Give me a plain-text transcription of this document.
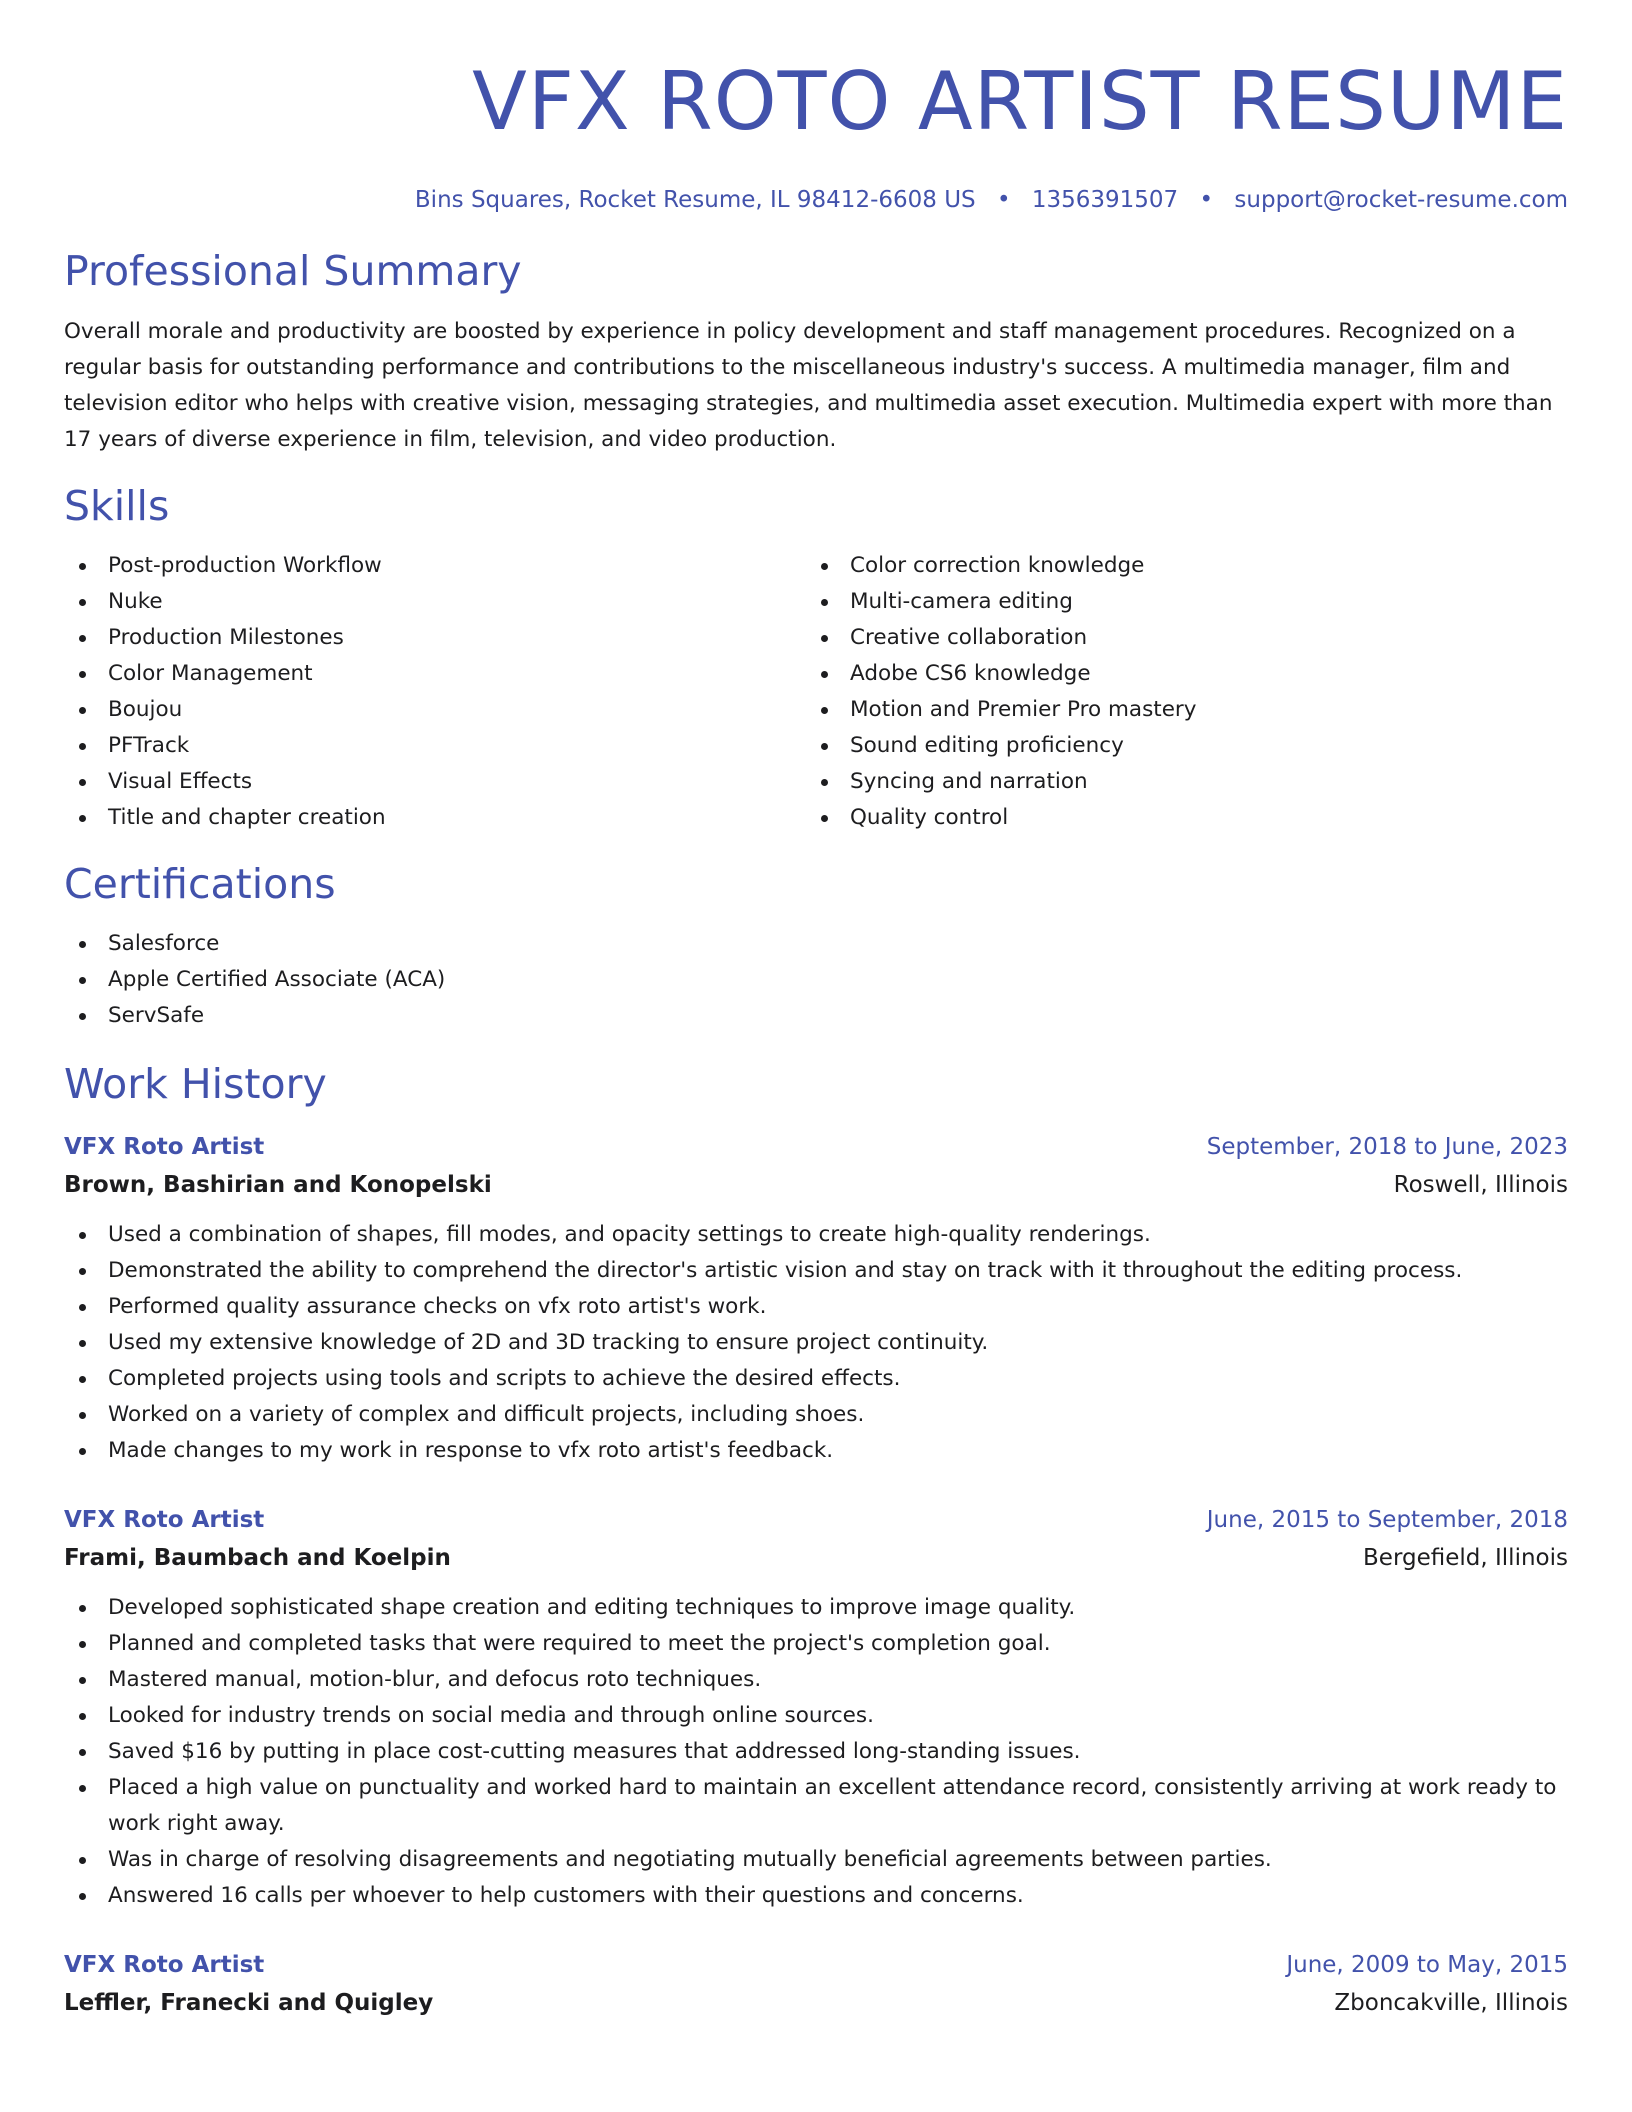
VFX ROTO ARTIST RESUME
Bins Squares, Rocket Resume, IL 98412-6608 US • 1356391507 • support@rocket-resume.com
Professional Summary

Overall morale and productivity are boosted by experience in policy development and staff management procedures. Recognized on a regular basis for outstanding performance and contributions to the miscellaneous industry's success. A multimedia manager, film and television editor who helps with creative vision, messaging strategies, and multimedia asset execution. Multimedia expert with more than 17 years of diverse experience in film, television, and video production.

Skills
Post-production Workflow
Nuke
Production Milestones
Color Management
Boujou
PFTrack
Visual Effects
Title and chapter creation
Color correction knowledge
Multi-camera editing
Creative collaboration
Adobe CS6 knowledge
Motion and Premier Pro mastery
Sound editing proficiency
Syncing and narration
Quality control
Certifications
Salesforce
Apple Certified Associate (ACA)
ServSafe
Work History
VFX Roto Artist	September, 2018 to June, 2023
Brown, Bashirian and Konopelski	Roswell, Illinois
Used a combination of shapes, fill modes, and opacity settings to create high-quality renderings.
Demonstrated the ability to comprehend the director's artistic vision and stay on track with it throughout the editing process.
Performed quality assurance checks on vfx roto artist's work.
Used my extensive knowledge of 2D and 3D tracking to ensure project continuity.
Completed projects using tools and scripts to achieve the desired effects.
Worked on a variety of complex and difficult projects, including shoes.
Made changes to my work in response to vfx roto artist's feedback.
VFX Roto Artist	June, 2015 to September, 2018
Frami, Baumbach and Koelpin	Bergefield, Illinois
Developed sophisticated shape creation and editing techniques to improve image quality.
Planned and completed tasks that were required to meet the project's completion goal.
Mastered manual, motion-blur, and defocus roto techniques.
Looked for industry trends on social media and through online sources.
Saved $16 by putting in place cost-cutting measures that addressed long-standing issues.
Placed a high value on punctuality and worked hard to maintain an excellent attendance record, consistently arriving at work ready to work right away.
Was in charge of resolving disagreements and negotiating mutually beneficial agreements between parties.
Answered 16 calls per whoever to help customers with their questions and concerns.
VFX Roto Artist	June, 2009 to May, 2015
Leffler, Franecki and Quigley	Zboncakville, Illinois
